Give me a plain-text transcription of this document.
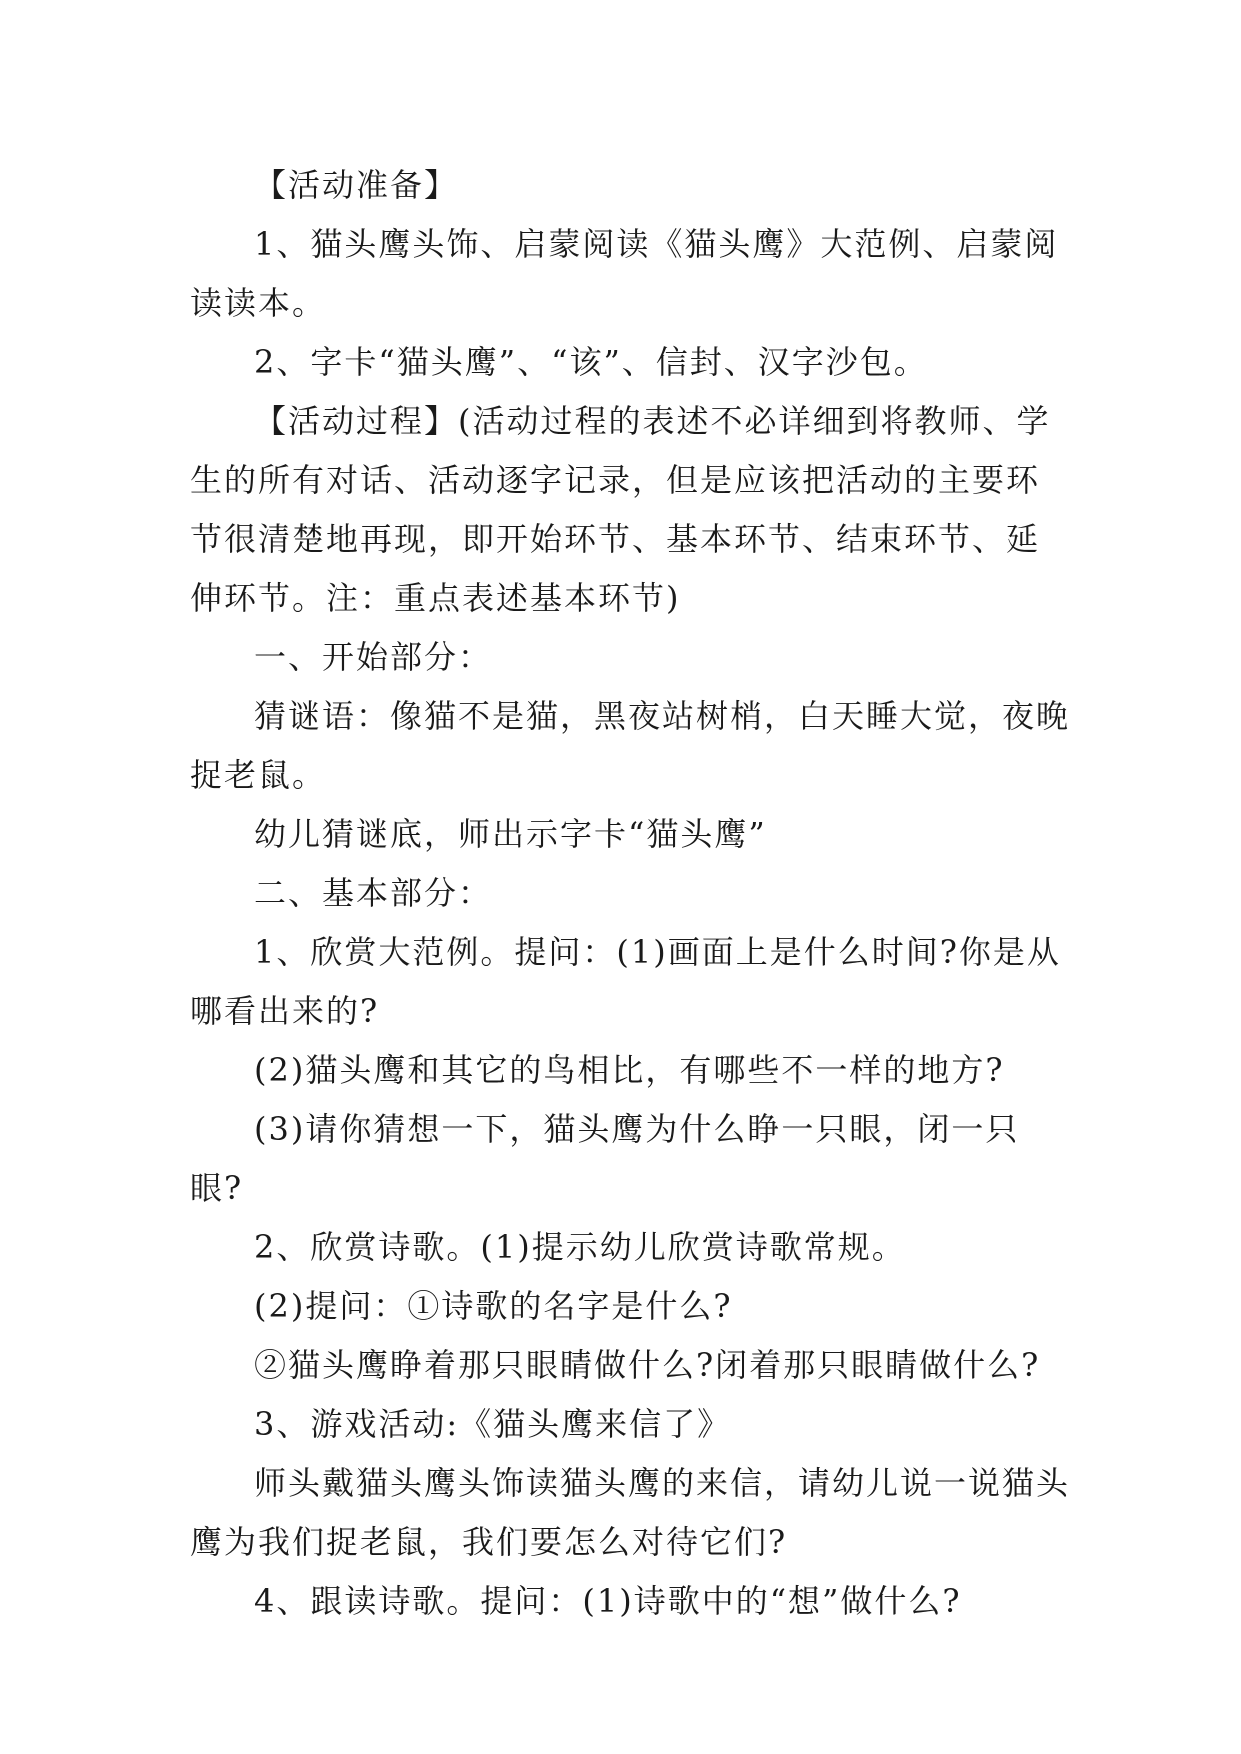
【活动准备】

1、猫头鹰头饰、启蒙阅读《猫头鹰》大范例、启蒙阅读读本。

2、字卡“猫头鹰”、“该”、信封、汉字沙包。

【活动过程】(活动过程的表述不必详细到将教师、学生的所有对话、活动逐字记录，但是应该把活动的主要环节很清楚地再现，即开始环节、基本环节、结束环节、延伸环节。注：重点表述基本环节)

一、开始部分：

猜谜语：像猫不是猫，黑夜站树梢，白天睡大觉，夜晚捉老鼠。

幼儿猜谜底，师出示字卡“猫头鹰”

二、基本部分：

1、欣赏大范例。提问：(1)画面上是什么时间?你是从哪看出来的?

(2)猫头鹰和其它的鸟相比，有哪些不一样的地方?

(3)请你猜想一下，猫头鹰为什么睁一只眼，闭一只眼?

2、欣赏诗歌。(1)提示幼儿欣赏诗歌常规。

(2)提问：①诗歌的名字是什么?

②猫头鹰睁着那只眼睛做什么?闭着那只眼睛做什么?

3、游戏活动:《猫头鹰来信了》

师头戴猫头鹰头饰读猫头鹰的来信，请幼儿说一说猫头鹰为我们捉老鼠，我们要怎么对待它们?

4、跟读诗歌。提问：(1)诗歌中的“想”做什么?
